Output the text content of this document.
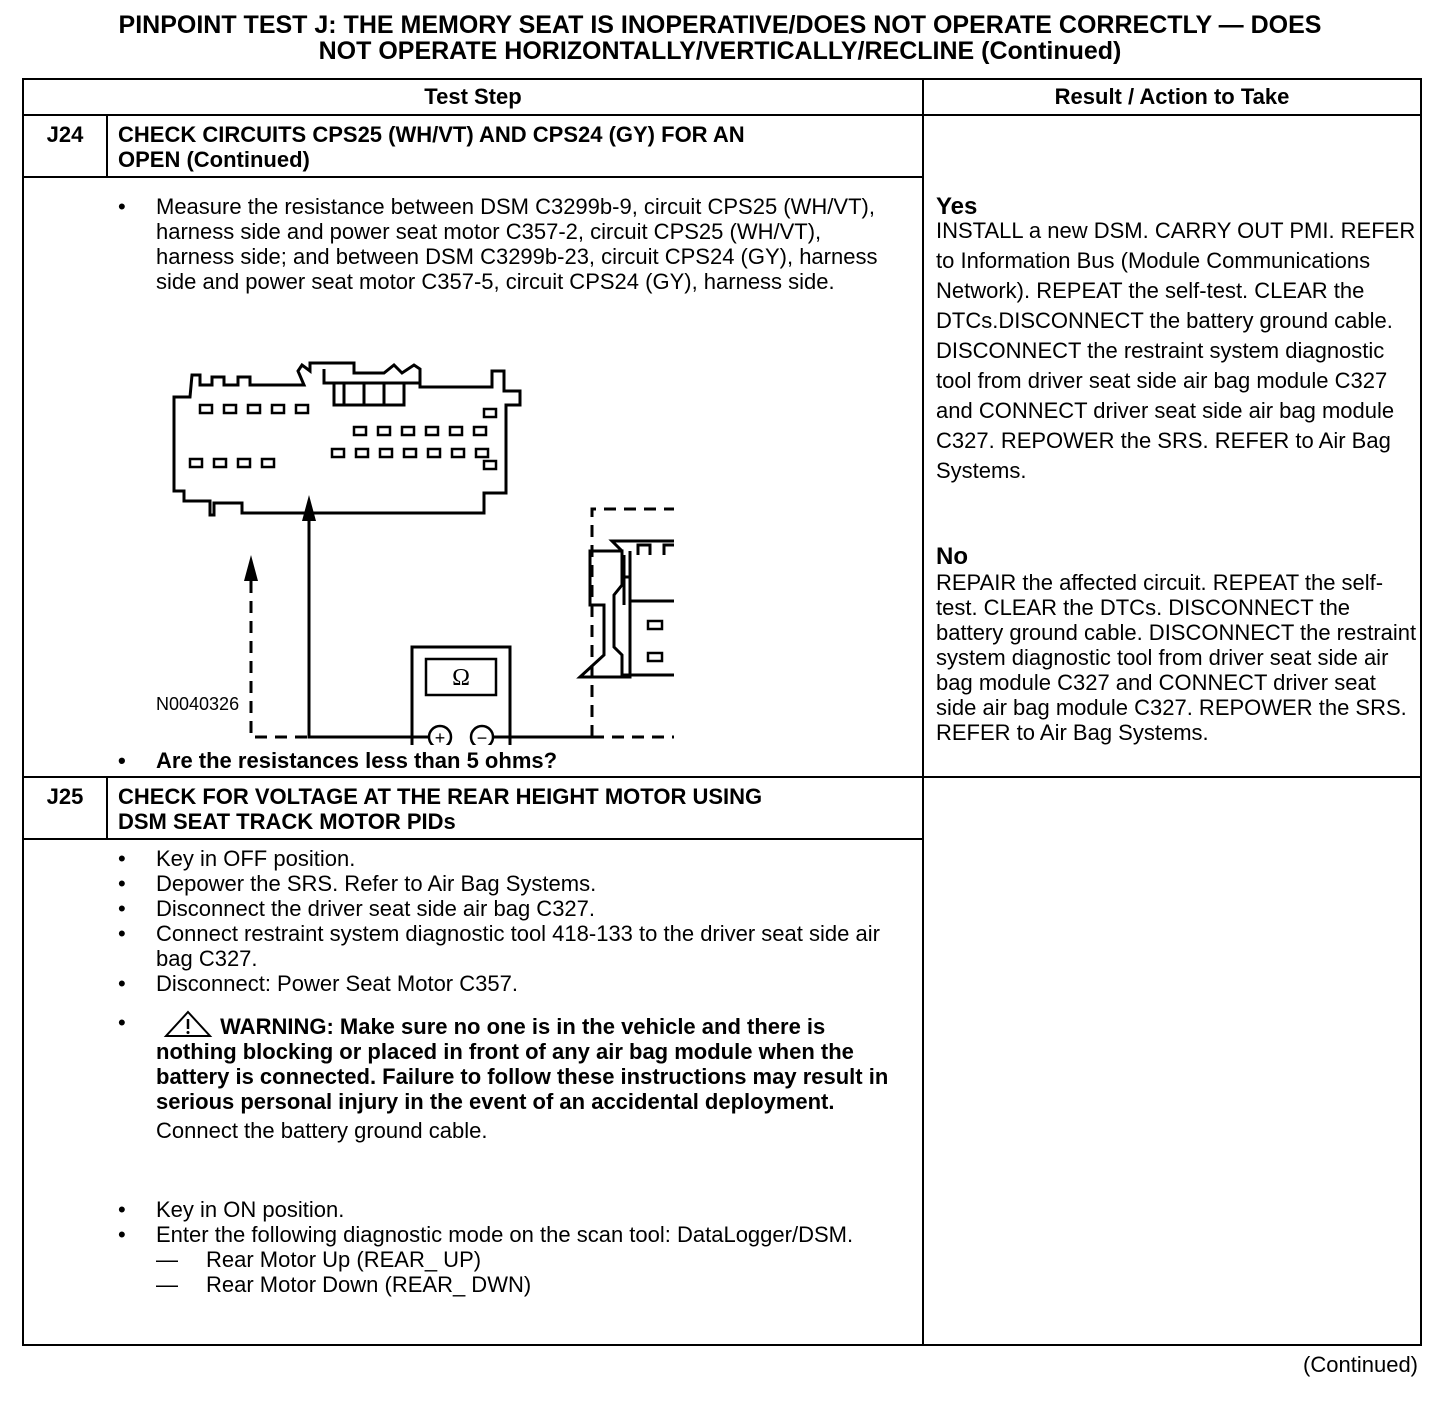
PINPOINT TEST J: THE MEMORY SEAT IS INOPERATIVE/DOES NOT OPERATE CORRECTLY — DOES
NOT OPERATE HORIZONTALLY/VERTICALLY/RECLINE (Continued)
Test Step	Result / Action to Take
J24	CHECK CIRCUITS CPS25 (WH/VT) AND CPS24 (GY) FOR AN
OPEN (Continued)
• Measure the resistance between DSM C3299b-9, circuit CPS25 (WH/VT), harness side and power seat motor C357-2, circuit CPS25 (WH/VT), harness side; and between DSM C3299b-23, circuit CPS24 (GY), harness side and power seat motor C357-5, circuit CPS24 (GY), harness side.
Ω
+ −
N0040326
• Are the resistances less than 5 ohms?
Yes
INSTALL a new DSM. CARRY OUT PMI. REFER to Information Bus (Module Communications Network). REPEAT the self-test. CLEAR the DTCs.DISCONNECT the battery ground cable. DISCONNECT the restraint system diagnostic tool from driver seat side air bag module C327 and CONNECT driver seat side air bag module C327. REPOWER the SRS. REFER to Air Bag Systems.
No
REPAIR the affected circuit. REPEAT the self-test. CLEAR the DTCs. DISCONNECT the battery ground cable. DISCONNECT the restraint system diagnostic tool from driver seat side air bag module C327 and CONNECT driver seat side air bag module C327. REPOWER the SRS. REFER to Air Bag Systems.
J25	CHECK FOR VOLTAGE AT THE REAR HEIGHT MOTOR USING
DSM SEAT TRACK MOTOR PIDs
• Key in OFF position.
• Depower the SRS. Refer to Air Bag Systems.
• Disconnect the driver seat side air bag C327.
• Connect restraint system diagnostic tool 418-133 to the driver seat side air bag C327.
• Disconnect: Power Seat Motor C357.
• WARNING: Make sure no one is in the vehicle and there is nothing blocking or placed in front of any air bag module when the battery is connected. Failure to follow these instructions may result in serious personal injury in the event of an accidental deployment.
Connect the battery ground cable.
• Key in ON position.
• Enter the following diagnostic mode on the scan tool: DataLogger/DSM.
— Rear Motor Up (REAR_ UP)
— Rear Motor Down (REAR_ DWN)
(Continued)
